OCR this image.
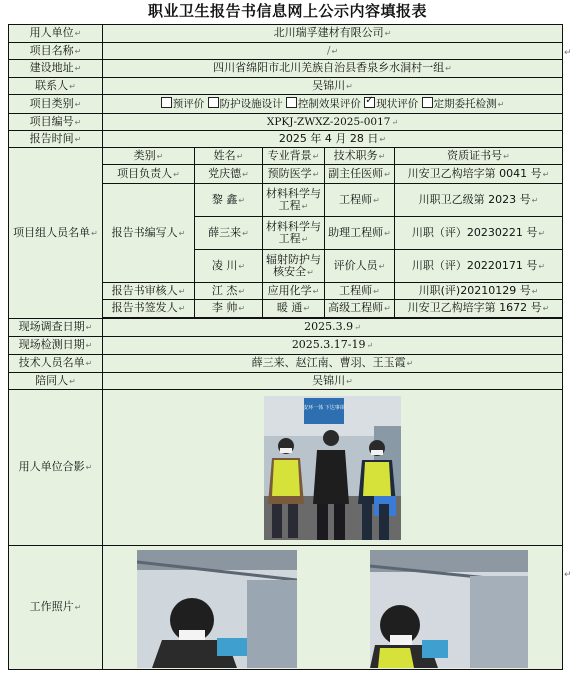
职业卫生报告书信息网上公示内容填报表
用人单位↵	北川瑞孚建材有限公司↵				
项目名称↵	/↵				
建设地址↵	四川省绵阳市北川羌族自治县香泉乡水洞村一组↵				
联系人↵	吴锦川↵				
项目类别↵	预评价 防护设施设计 控制效果评价 ✓ 现状评价 定期委托检测↵
项目编号↵	XPKJ-ZWXZ-2025-0017↵				
报告时间↵	2025 年 4 月 28 日↵				
项目组人员名单↵	类别↵	姓名↵	专业背景↵	技术职务↵	资质证书号↵
	项目负责人↵	党庆德↵	预防医学↵	副主任医师↵	川安卫乙构培字第 0041 号↵
	报告书编写人↵	黎 鑫↵	材料科学与工程↵	工程师↵	川职卫乙级第 2023 号↵
		薛三来↵	材料科学与工程↵	助理工程师↵	川职（评）20230221 号↵
		凌 川↵	辐射防护与核安全↵	评价人员↵	川职（评）20220171 号↵
	报告书审核人↵	江 杰↵	应用化学↵	工程师↵	川职(评)20210129 号↵
	报告书签发人↵	李 帅↵	暖 通↵	高级工程师↵	川安卫乙构培字第 1672 号↵

现场调查日期↵	2025.3.9↵				
现场检测日期↵	2025.3.17-19↵				
技术人员名单↵	薛三来、赵江南、曹羽、王玉霞↵				
陪同人↵	吴锦川↵				
用人单位合影↵	安环一体 下达事项				

工作照片↵	
↵
↵
